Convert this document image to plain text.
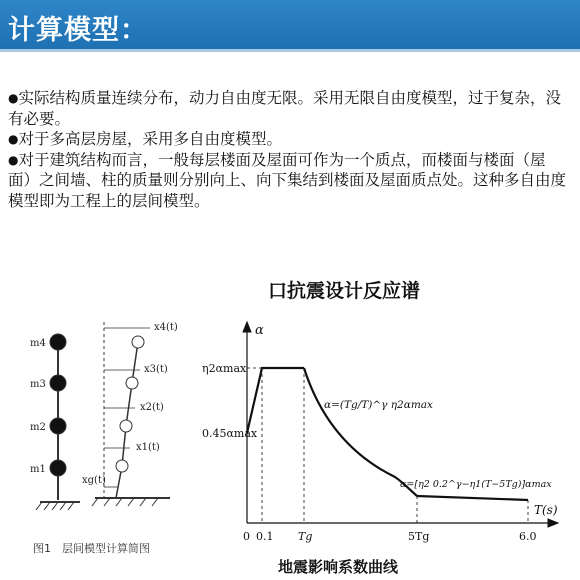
计算模型：

●实际结构质量连续分布，动力自由度无限。采用无限自由度模型，过于复杂，没有必要。

●对于多高层房屋，采用多自由度模型。

●对于建筑结构而言，一般每层楼面及屋面可作为一个质点，而楼面与楼面（屋面）之间墙、柱的质量则分别向上、向下集结到楼面及屋面质点处。这种多自由度模型即为工程上的层间模型。

口抗震设计反应谱
m4
m3
m2
m1
x4(t)
x3(t)
x2(t)
x1(t)
xg(t)
α
T(s)
η2αmax
0.45αmax
0 0.1 Tg	5Tg	6.0
α=(Tg/T)^γ η2αmax
α=[η2 0.2^γ−η1(T−5Tg)]αmax
图1　层间模型计算简图
地震影响系数曲线
